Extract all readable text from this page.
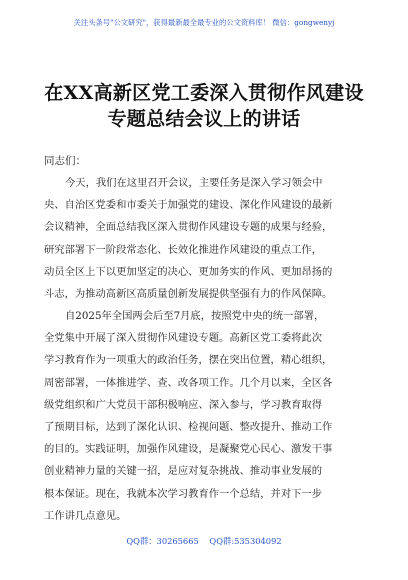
关注头条号"公文研究"，获得最新最全最专业的公文资料库！ 微信：gongwenyj
在XX高新区党工委深入贯彻作风建设
专题总结会议上的讲话
同志们：
今天，我们在这里召开会议，主要任务是深入学习领会中
央、自治区党委和市委关于加强党的建设、深化作风建设的最新
会议精神，全面总结我区深入贯彻作风建设专题的成果与经验，
研究部署下一阶段常态化、长效化推进作风建设的重点工作，
动员全区上下以更加坚定的决心、更加务实的作风、更加昂扬的
斗志，为推动高新区高质量创新发展提供坚强有力的作风保障。
自2025年全国两会后至7月底，按照党中央的统一部署，
全党集中开展了深入贯彻作风建设专题。高新区党工委将此次
学习教育作为一项重大的政治任务，摆在突出位置，精心组织，
周密部署，一体推进学、查、改各项工作。几个月以来，全区各
级党组织和广大党员干部积极响应、深入参与，学习教育取得
了预期目标，达到了深化认识、检视问题、整改提升、推动工作
的目的。实践证明，加强作风建设，是凝聚党心民心、激发干事
创业精神力量的关键一招，是应对复杂挑战、推动事业发展的
根本保证。现在，我就本次学习教育作一个总结，并对下一步
工作讲几点意见。
QQ群：30265665 QQ群:535304092
